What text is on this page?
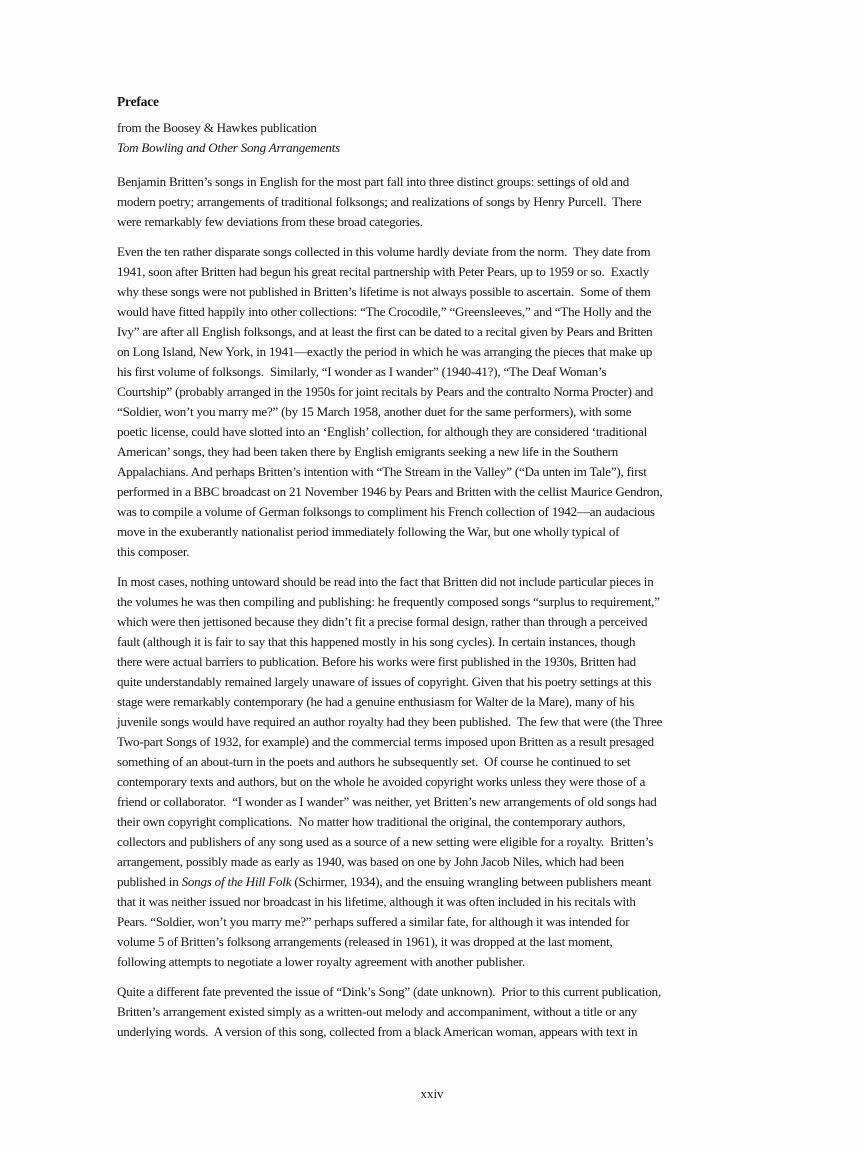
Preface
from the Boosey & Hawkes publication
Tom Bowling and Other Song Arrangements
Benjamin Britten’s songs in English for the most part fall into three distinct groups: settings of old and
modern poetry; arrangements of traditional folksongs; and realizations of songs by Henry Purcell.  There
were remarkably few deviations from these broad categories.
Even the ten rather disparate songs collected in this volume hardly deviate from the norm.  They date from
1941, soon after Britten had begun his great recital partnership with Peter Pears, up to 1959 or so.  Exactly
why these songs were not published in Britten’s lifetime is not always possible to ascertain.  Some of them
would have fitted happily into other collections: “The Crocodile,” “Greensleeves,” and “The Holly and the
Ivy” are after all English folksongs, and at least the first can be dated to a recital given by Pears and Britten
on Long Island, New York, in 1941—exactly the period in which he was arranging the pieces that make up
his first volume of folksongs.  Similarly, “I wonder as I wander” (1940-41?), “The Deaf Woman’s
Courtship” (probably arranged in the 1950s for joint recitals by Pears and the contralto Norma Procter) and
“Soldier, won’t you marry me?” (by 15 March 1958, another duet for the same performers), with some
poetic license, could have slotted into an ‘English’ collection, for although they are considered ‘traditional
American’ songs, they had been taken there by English emigrants seeking a new life in the Southern
Appalachians. And perhaps Britten’s intention with “The Stream in the Valley” (“Da unten im Tale”), first
performed in a BBC broadcast on 21 November 1946 by Pears and Britten with the cellist Maurice Gendron,
was to compile a volume of German folksongs to compliment his French collection of 1942—an audacious
move in the exuberantly nationalist period immediately following the War, but one wholly typical of
this composer.
In most cases, nothing untoward should be read into the fact that Britten did not include particular pieces in
the volumes he was then compiling and publishing: he frequently composed songs “surplus to requirement,”
which were then jettisoned because they didn’t fit a precise formal design, rather than through a perceived
fault (although it is fair to say that this happened mostly in his song cycles). In certain instances, though
there were actual barriers to publication. Before his works were first published in the 1930s, Britten had
quite understandably remained largely unaware of issues of copyright. Given that his poetry settings at this
stage were remarkably contemporary (he had a genuine enthusiasm for Walter de la Mare), many of his
juvenile songs would have required an author royalty had they been published.  The few that were (the Three
Two-part Songs of 1932, for example) and the commercial terms imposed upon Britten as a result presaged
something of an about-turn in the poets and authors he subsequently set.  Of course he continued to set
contemporary texts and authors, but on the whole he avoided copyright works unless they were those of a
friend or collaborator.  “I wonder as I wander” was neither, yet Britten’s new arrangements of old songs had
their own copyright complications.  No matter how traditional the original, the contemporary authors,
collectors and publishers of any song used as a source of a new setting were eligible for a royalty.  Britten’s
arrangement, possibly made as early as 1940, was based on one by John Jacob Niles, which had been
published in Songs of the Hill Folk (Schirmer, 1934), and the ensuing wrangling between publishers meant
that it was neither issued nor broadcast in his lifetime, although it was often included in his recitals with
Pears. “Soldier, won’t you marry me?” perhaps suffered a similar fate, for although it was intended for
volume 5 of Britten’s folksong arrangements (released in 1961), it was dropped at the last moment,
following attempts to negotiate a lower royalty agreement with another publisher.
Quite a different fate prevented the issue of “Dink’s Song” (date unknown).  Prior to this current publication,
Britten’s arrangement existed simply as a written-out melody and accompaniment, without a title or any
underlying words.  A version of this song, collected from a black American woman, appears with text in
xxiv
